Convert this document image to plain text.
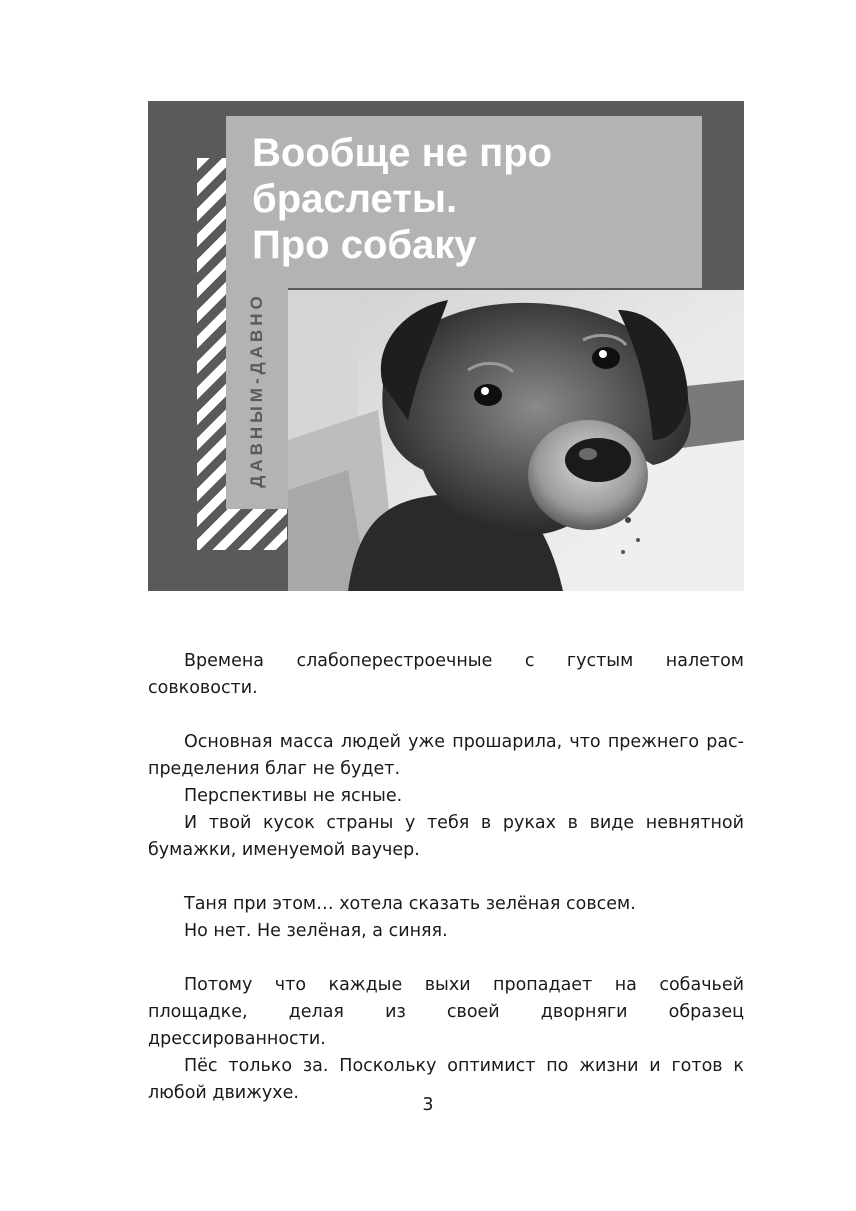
Вообще не про
браслеты.
Про собаку
ДАВНЫМ-ДАВНО

Времена слабоперестроечные с густым налетом совковости.

Основная масса людей уже прошарила, что прежнего распределения благ не будет.

Перспективы не ясные.

И твой кусок страны у тебя в руках в виде невнятной бумажки, именуемой ваучер.

Таня при этом… хотела сказать зелёная совсем.

Но нет. Не зелёная, а синяя.

Потому что каждые выхи пропадает на собачьей площадке, делая из своей дворняги образец дрессированности.

Пёс только за. Поскольку оптимист по жизни и готов к любой движухе.

3
